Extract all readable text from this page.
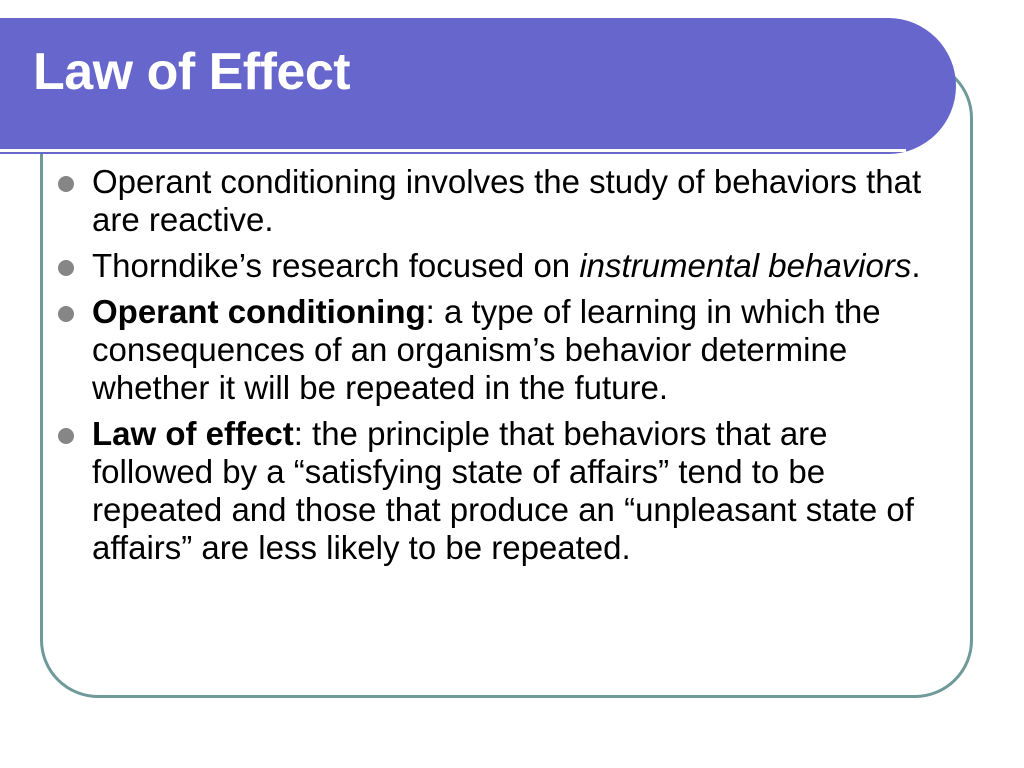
Law of Effect
Operant conditioning involves the study of behaviors that are reactive.
Thorndike’s research focused on instrumental behaviors.
Operant conditioning: a type of learning in which the consequences of an organism’s behavior determine whether it will be repeated in the future.
Law of effect: the principle that behaviors that are followed by a “satisfying state of affairs” tend to be repeated and those that produce an “unpleasant state of affairs” are less likely to be repeated.
